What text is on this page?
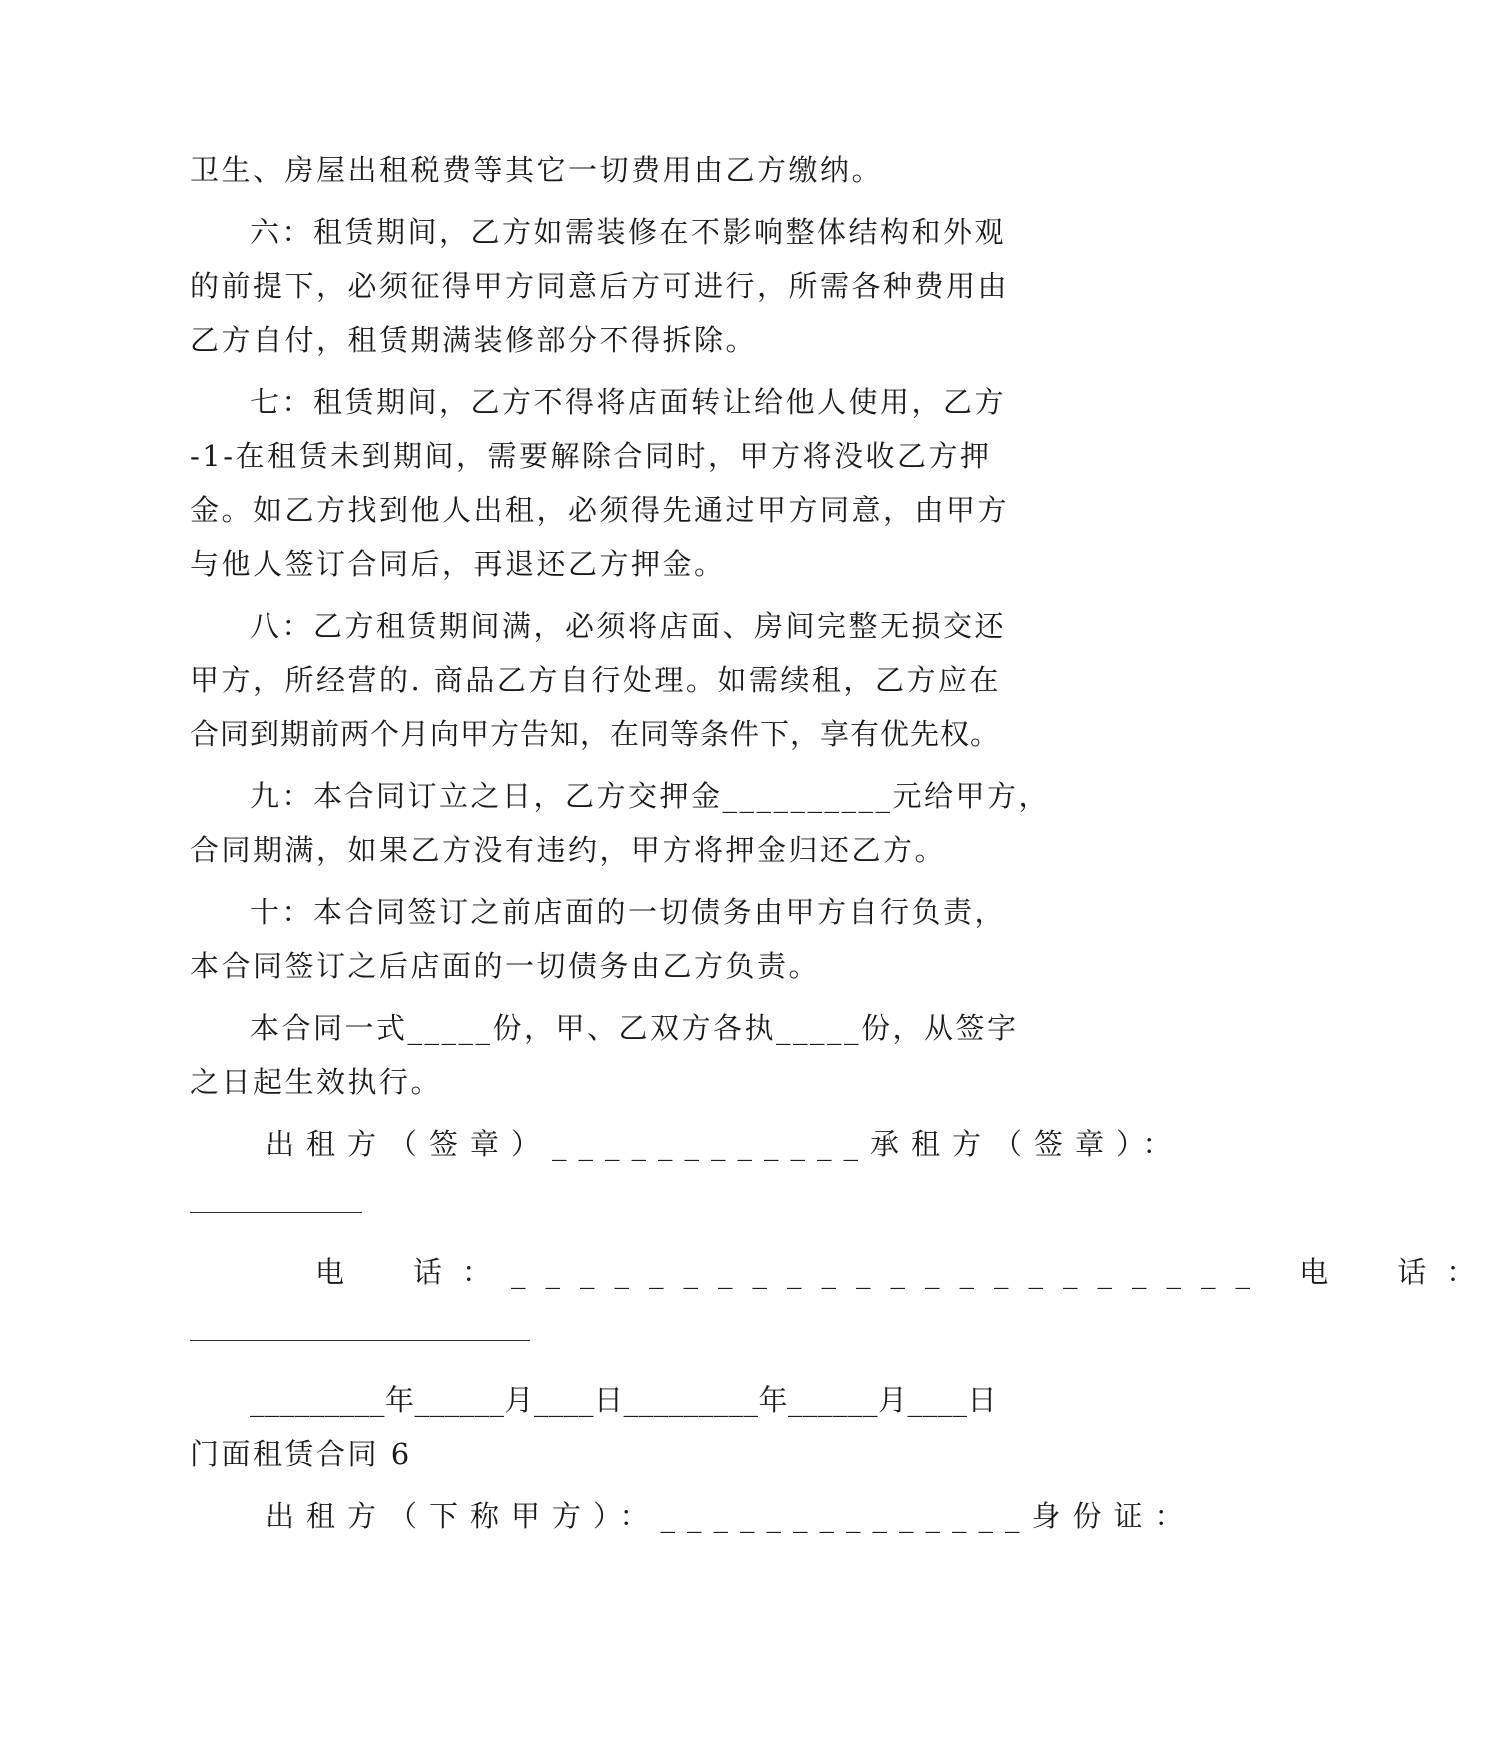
卫生、房屋出租税费等其它一切费用由乙方缴纳。
六：租赁期间，乙方如需装修在不影响整体结构和外观
的前提下，必须征得甲方同意后方可进行，所需各种费用由
乙方自付，租赁期满装修部分不得拆除。
七：租赁期间，乙方不得将店面转让给他人使用，乙方
-1-在租赁未到期间，需要解除合同时，甲方将没收乙方押
金。如乙方找到他人出租，必须得先通过甲方同意，由甲方
与他人签订合同后，再退还乙方押金。
八：乙方租赁期间满，必须将店面、房间完整无损交还
甲方，所经营的. 商品乙方自行处理。如需续租，乙方应在
合同到期前两个月向甲方告知，在同等条件下，享有优先权。
九：本合同订立之日，乙方交押金__________元给甲方，
合同期满，如果乙方没有违约，甲方将押金归还乙方。
十：本合同签订之前店面的一切债务由甲方自行负责，
本合同签订之后店面的一切债务由乙方负责。
本合同一式_____份，甲、乙双方各执_____份，从签字
之日起生效执行。
出租方（签章）____________承租方（签章）：
电　话：______________________ 电　话：
_________年______月____日_________年______月____日
门面租赁合同 6
出租方（下称甲方）：______________身份证：
